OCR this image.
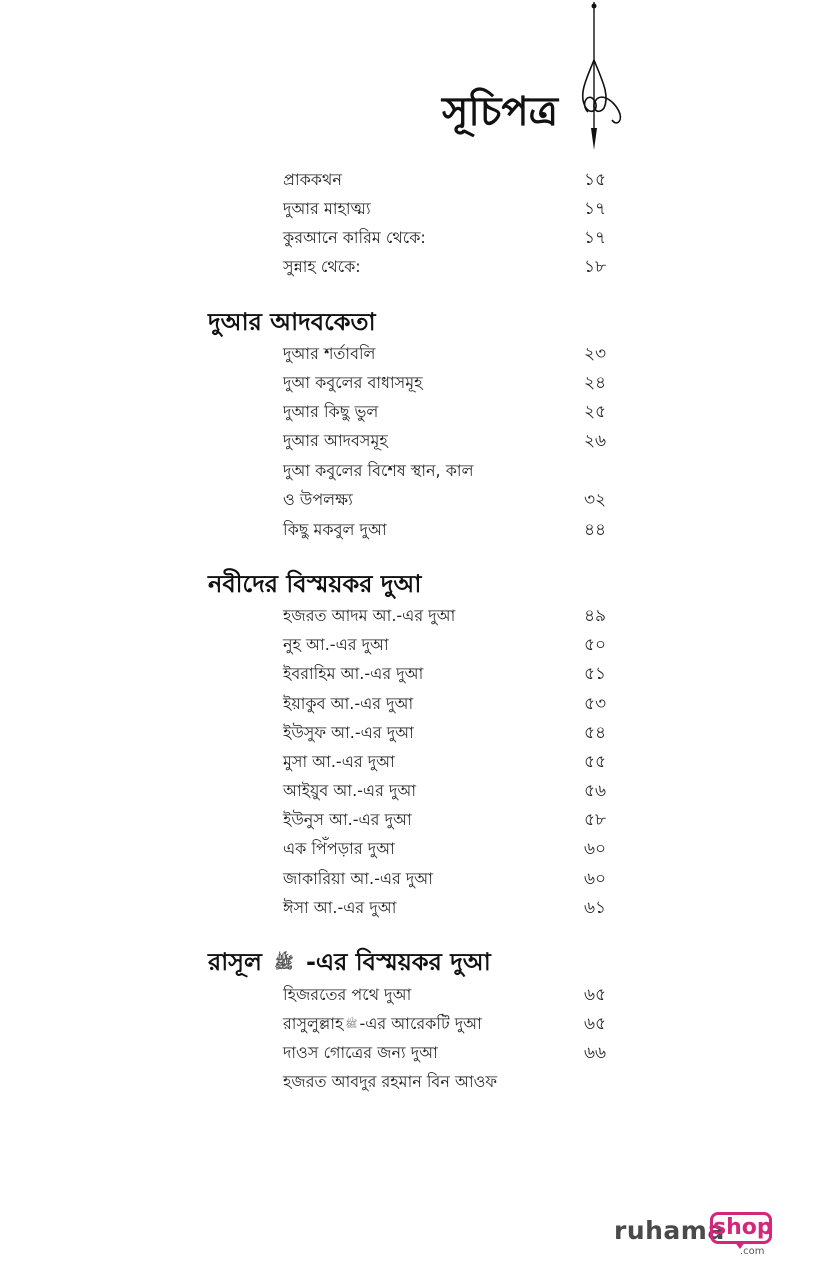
সূচিপত্র
প্রাককথন	১৫
দুআর মাহাত্ম্য	১৭
কুরআনে কারিম থেকে:	১৭
সুন্নাহ থেকে:	১৮
দুআর আদবকেতা
দুআর শর্তাবলি	২৩
দুআ কবুলের বাধাসমূহ	২৪
দুআর কিছু ভুল	২৫
দুআর আদবসমূহ	২৬
দুআ কবুলের বিশেষ স্থান, কাল
ও উপলক্ষ্য	৩২
কিছু মকবুল দুআ	৪৪
নবীদের বিস্ময়কর দুআ
হজরত আদম আ.-এর দুআ	৪৯
নুহ আ.-এর দুআ	৫০
ইবরাহিম আ.-এর দুআ	৫১
ইয়াকুব আ.-এর দুআ	৫৩
ইউসুফ আ.-এর দুআ	৫৪
মুসা আ.-এর দুআ	৫৫
আইয়ুব আ.-এর দুআ	৫৬
ইউনুস আ.-এর দুআ	৫৮
এক পিঁপড়ার দুআ	৬০
জাকারিয়া আ.-এর দুআ	৬০
ঈসা আ.-এর দুআ	৬১
রাসূল ﷺ -এর বিস্ময়কর দুআ
হিজরতের পথে দুআ	৬৫
রাসুলুল্লাহ ﷺ -এর আরেকটি দুআ	৬৫
দাওস গোত্রের জন্য দুআ	৬৬
হজরত আবদুর রহমান বিন আওফ
ruhama
shop
.com
